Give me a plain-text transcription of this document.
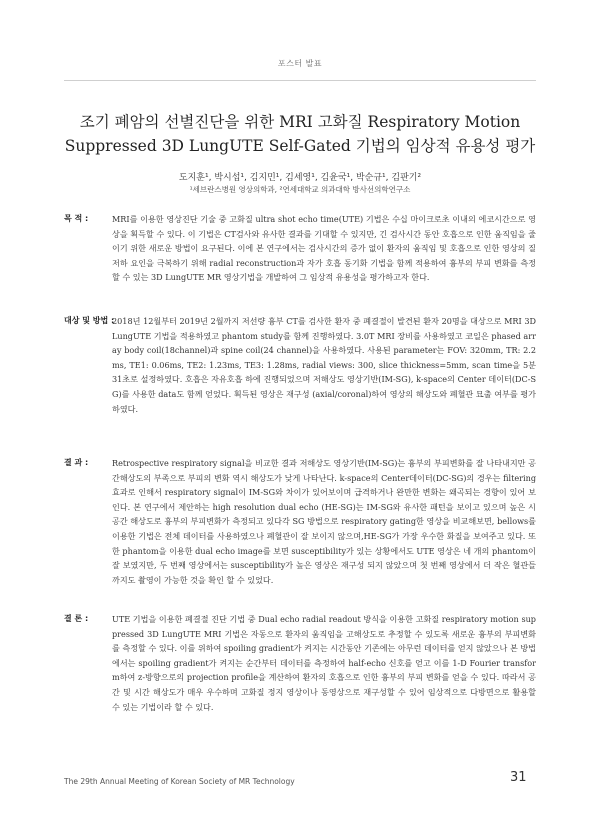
포스터 발표
조기 폐암의 선별진단을 위한 MRI 고화질 Respiratory Motion
Suppressed 3D LungUTE Self-Gated 기법의 임상적 유용성 평가
도지훈¹, 박시섭¹, 김지민¹, 김세영¹, 김윤국¹, 박순규¹, 김판기²
¹세브란스병원 영상의학과, ²연세대학교 의과대학 방사선의학연구소
목 적 :	MRI를 이용한 영상진단 기술 중 고화질 ultra shot echo time(UTE) 기법은 수십 마이크로초 이내의 에코시간으로 영상을 획득할 수 있다. 이 기법은 CT검사와 유사한 결과를 기대할 수 있지만, 긴 검사시간 동안 호흡으로 인한 움직임을 줄이기 위한 새로운 방법이 요구된다. 이에 본 연구에서는 검사시간의 증가 없이 환자의 움직임 및 호흡으로 인한 영상의 질 저하 요인을 극복하기 위해 radial reconstruction과 자가 호흡 동기화 기법을 함께 적용하여 흉부의 부피 변화를 측정할 수 있는 3D LungUTE MR 영상기법을 개발하여 그 임상적 유용성을 평가하고자 한다.
대상 및 방법 :
2018년 12월부터 2019년 2월까지 저선량 흉부 CT를 검사한 환자 중 폐결절이 발견된 환자 20명을 대상으로 MRI 3D LungUTE 기법을 적용하였고 phantom study를 함께 진행하였다. 3.0T MRI 장비를 사용하였고 코일은 phased array body coil(18channel)과 spine coil(24 channel)을 사용하였다. 사용된 parameter는 FOV: 320mm, TR: 2.2ms, TE1: 0.06ms, TE2: 1.23ms, TE3: 1.28ms, radial views: 300, slice thickness=5mm, scan time을 5분 31초로 설정하였다. 호흡은 자유호흡 하에 진행되었으며 저해상도 영상기반(IM-SG), k-space의 Center 데이터(DC-SG)를 사용한 data도 함께 얻었다. 획득된 영상은 재구성 (axial/coronal)하여 영상의 해상도와 폐혈관 묘출 여부를 평가하였다.
결 과 :	Retrospective respiratory signal을 비교한 결과 저해상도 영상기반(IM-SG)는 흉부의 부피변화를 잘 나타내지만 공간해상도의 부족으로 부피의 변화 역시 해상도가 낮게 나타난다. k-space의 Center데이터(DC-SG)의 경우는 filtering 효과로 인해서 respiratory signal이 IM-SG와 차이가 있어보이며 급격하거나 완만한 변화는 왜곡되는 경향이 있어 보인다. 본 연구에서 제안하는 high resolution dual echo (HE-SG)는 IM-SG와 유사한 패턴을 보이고 있으며 높은 시공간 해상도로 흉부의 부피변화가 측정되고 있다각 SG 방법으로 respiratory gating한 영상을 비교해보면, bellows를 이용한 기법은 전체 데이터를 사용하였으나 폐혈관이 잘 보이지 않으며,HE-SG가 가장 우수한 화질을 보여주고 있다. 또한 phantom을 이용한 dual echo image를 보면 susceptibility가 있는 상황에서도 UTE 영상은 네 개의 phantom이 잘 보였지만, 두 번째 영상에서는 susceptibility가 높은 영상은 재구성 되지 않았으며 첫 번째 영상에서 더 작은 혈관들 까지도 촬영이 가능한 것을 확인 할 수 있었다.
결 론 :	UTE 기법을 이용한 폐결절 진단 기법 중 Dual echo radial readout 방식을 이용한 고화질 respiratory motion suppressed 3D LungUTE MRI 기법은 자동으로 환자의 움직임을 고해상도로 추정할 수 있도록 새로운 흉부의 부피변화를 측정할 수 있다. 이를 위하여 spoiling gradient가 켜지는 시간동안 기존에는 아무런 데이터를 얻지 않았으나 본 방법에서는 spoiling gradient가 켜지는 순간부터 데이터를 측정하여 half-echo 신호를 얻고 이를 1-D Fourier transform하여 z-방향으로의 projection profile을 계산하여 환자의 호흡으로 인한 흉부의 부피 변화를 얻을 수 있다. 따라서 공간 및 시간 해상도가 매우 우수하며 고화질 정지 영상이나 동영상으로 재구성할 수 있어 임상적으로 다방면으로 활용할 수 있는 기법이라 할 수 있다.
The 29th Annual Meeting of Korean Society of MR Technology	31
